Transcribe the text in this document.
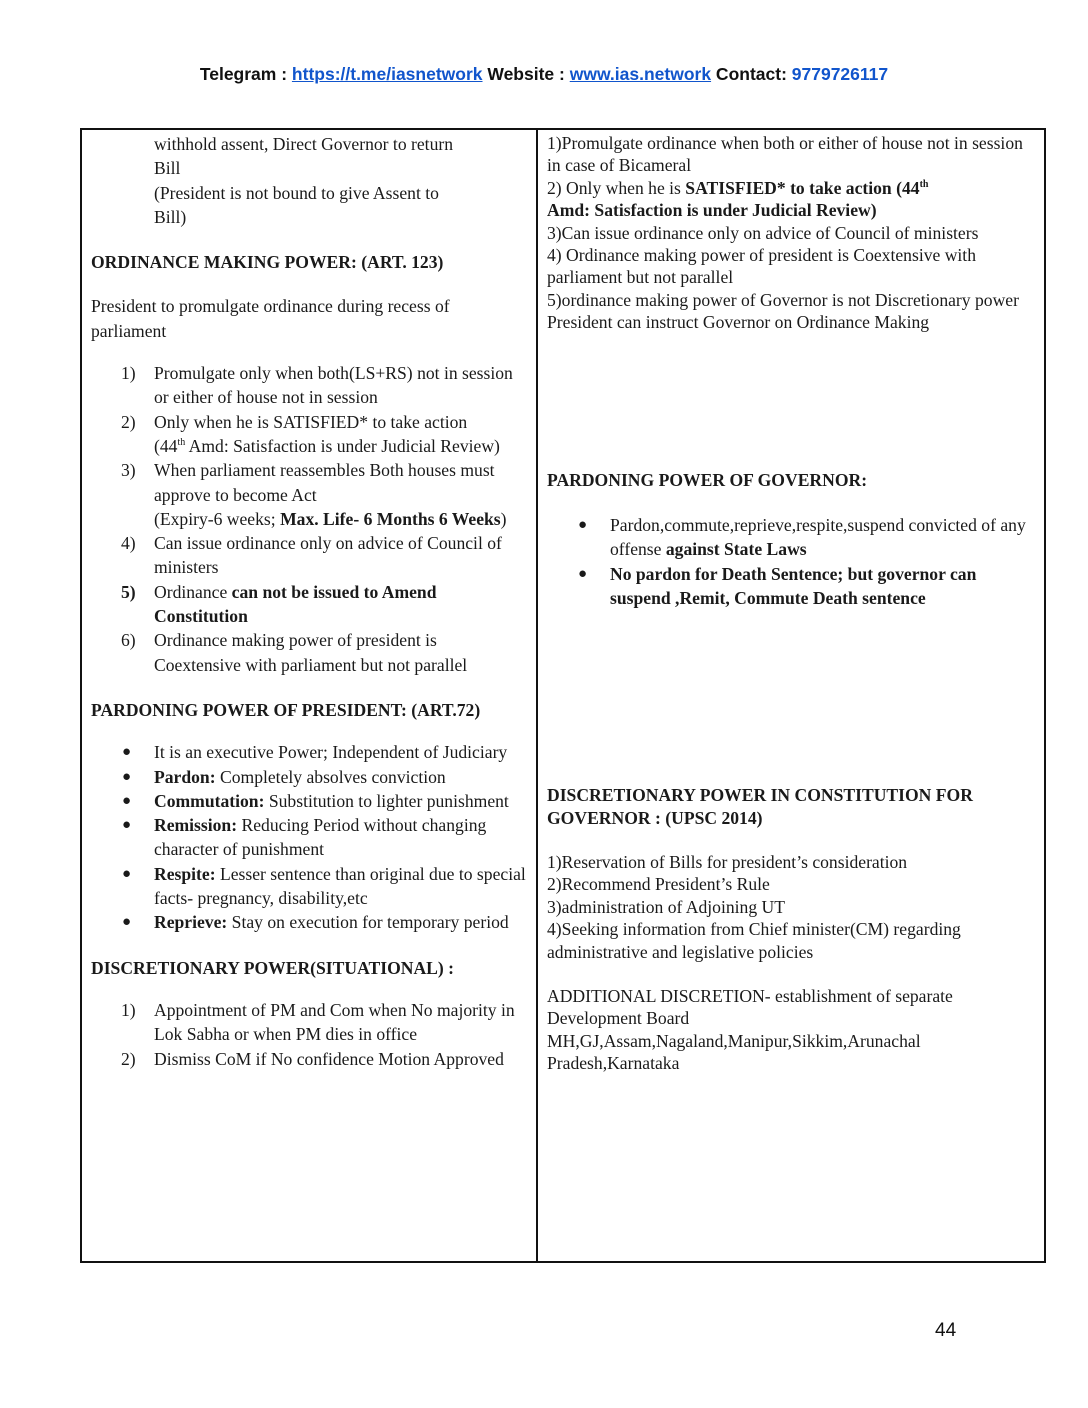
Telegram : https://t.me/iasnetwork Website : www.ias.network Contact: 9779726117
withhold assent, Direct Governor to return
Bill
(President is not bound to give Assent to
Bill)
ORDINANCE MAKING POWER: (ART. 123)
President to promulgate ordinance during recess of parliament
1) Promulgate only when both(LS+RS) not in session or either of house not in session
2) Only when he is SATISFIED* to take action
(44th Amd: Satisfaction is under Judicial Review)
3) When parliament reassembles Both houses must approve to become Act
(Expiry-6 weeks; Max. Life- 6 Months 6 Weeks)
4) Can issue ordinance only on advice of Council of ministers
5) Ordinance can not be issued to Amend Constitution
6) Ordinance making power of president is Coextensive with parliament but not parallel
PARDONING POWER OF PRESIDENT: (ART.72)
● It is an executive Power; Independent of Judiciary
● Pardon: Completely absolves conviction
● Commutation: Substitution to lighter punishment
● Remission: Reducing Period without changing character of punishment
● Respite: Lesser sentence than original due to special facts- pregnancy, disability,etc
● Reprieve: Stay on execution for temporary period
DISCRETIONARY POWER(SITUATIONAL) :
1) Appointment of PM and Com when No majority in Lok Sabha or when PM dies in office
2) Dismiss CoM if No confidence Motion Approved

1)Promulgate ordinance when both or either of house not in session in case of Bicameral
2) Only when he is SATISFIED* to take action (44th
Amd: Satisfaction is under Judicial Review)
3)Can issue ordinance only on advice of Council of ministers
4) Ordinance making power of president is Coextensive with parliament but not parallel
5)ordinance making power of Governor is not Discretionary power
President can instruct Governor on Ordinance Making
PARDONING POWER OF GOVERNOR:
● Pardon,commute,reprieve,respite,suspend convicted of any offense against State Laws
● No pardon for Death Sentence; but governor can suspend ,Remit, Commute Death sentence
DISCRETIONARY POWER IN CONSTITUTION FOR GOVERNOR : (UPSC 2014)
1)Reservation of Bills for president’s consideration
2)Recommend President’s Rule
3)administration of Adjoining UT
4)Seeking information from Chief minister(CM) regarding administrative and legislative policies
ADDITIONAL DISCRETION- establishment of separate Development Board MH,GJ,Assam,Nagaland,Manipur,Sikkim,Arunachal Pradesh,Karnataka
44
